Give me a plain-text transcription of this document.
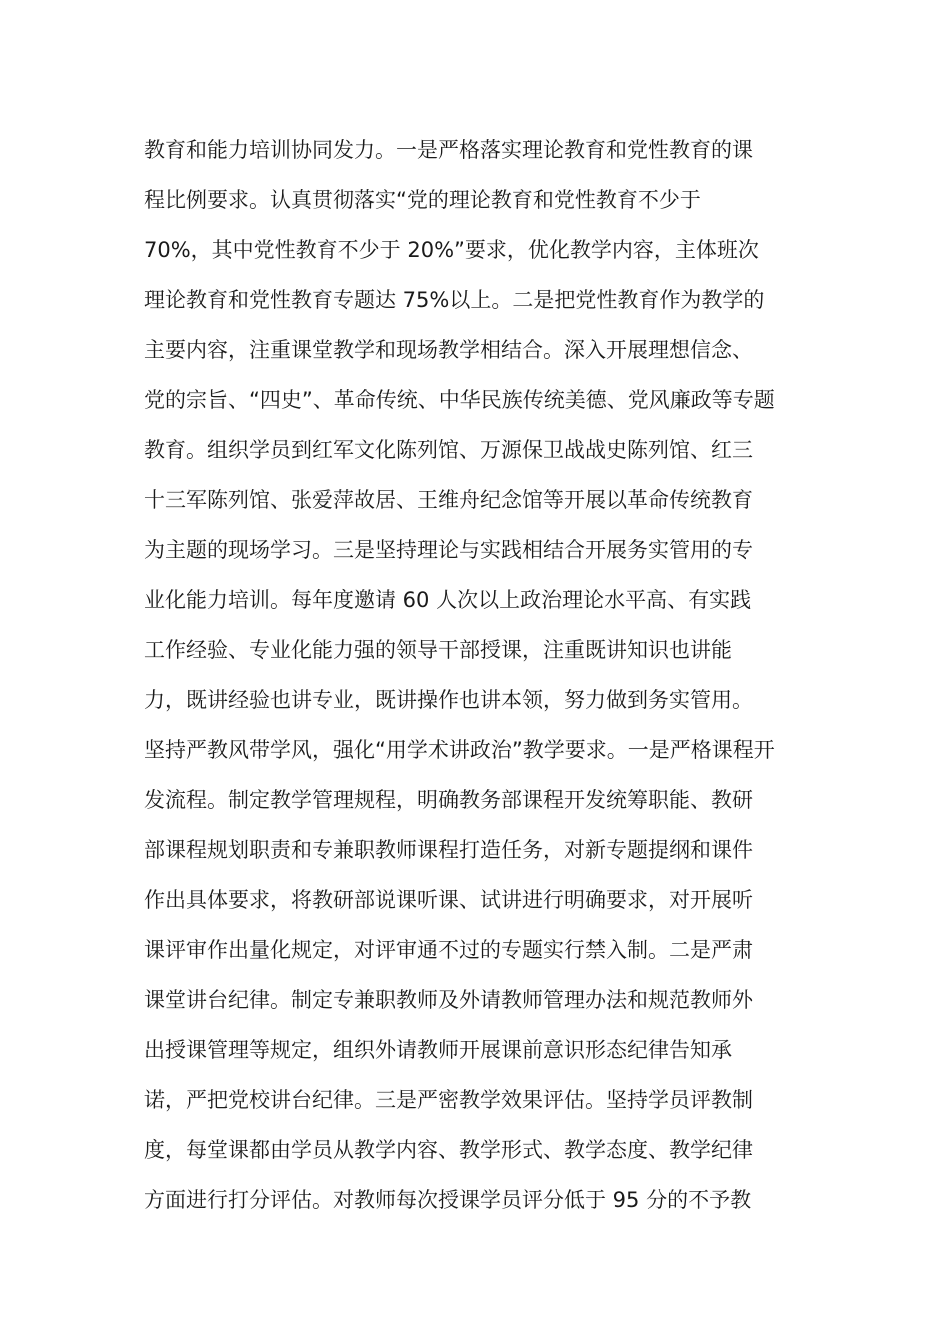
教育和能力培训协同发力。一是严格落实理论教育和党性教育的课
程比例要求。认真贯彻落实“党的理论教育和党性教育不少于
70%，其中党性教育不少于 20%”要求，优化教学内容，主体班次
理论教育和党性教育专题达 75%以上。二是把党性教育作为教学的
主要内容，注重课堂教学和现场教学相结合。深入开展理想信念、
党的宗旨、“四史”、革命传统、中华民族传统美德、党风廉政等专题
教育。组织学员到红军文化陈列馆、万源保卫战战史陈列馆、红三
十三军陈列馆、张爱萍故居、王维舟纪念馆等开展以革命传统教育
为主题的现场学习。三是坚持理论与实践相结合开展务实管用的专
业化能力培训。每年度邀请 60 人次以上政治理论水平高、有实践
工作经验、专业化能力强的领导干部授课，注重既讲知识也讲能
力，既讲经验也讲专业，既讲操作也讲本领，努力做到务实管用。
坚持严教风带学风，强化“用学术讲政治”教学要求。一是严格课程开
发流程。制定教学管理规程，明确教务部课程开发统筹职能、教研
部课程规划职责和专兼职教师课程打造任务，对新专题提纲和课件
作出具体要求，将教研部说课听课、试讲进行明确要求，对开展听
课评审作出量化规定，对评审通不过的专题实行禁入制。二是严肃
课堂讲台纪律。制定专兼职教师及外请教师管理办法和规范教师外
出授课管理等规定，组织外请教师开展课前意识形态纪律告知承
诺，严把党校讲台纪律。三是严密教学效果评估。坚持学员评教制
度，每堂课都由学员从教学内容、教学形式、教学态度、教学纪律
方面进行打分评估。对教师每次授课学员评分低于 95 分的不予教
